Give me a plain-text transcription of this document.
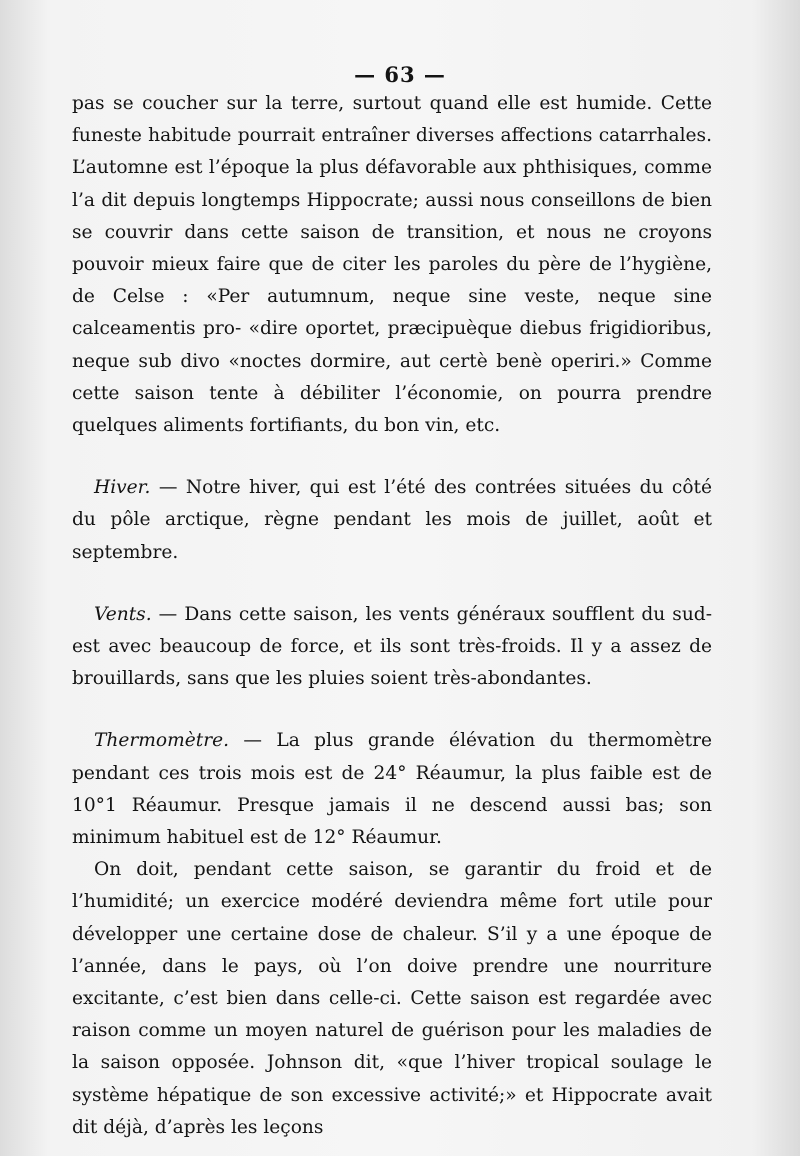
— 63 —

pas se coucher sur la terre, surtout quand elle est humide. Cette funeste habitude pourrait entraîner diverses affections catarrhales. L’automne est l’époque la plus défavorable aux phthisiques, comme l’a dit depuis longtemps Hippocrate; aussi nous conseillons de bien se couvrir dans cette saison de transition, et nous ne croyons pouvoir mieux faire que de citer les paroles du père de l’hygiène, de Celse : «Per autumnum, neque sine veste, neque sine calceamentis pro- «dire oportet, præcipuèque diebus frigidioribus, neque sub divo «noctes dormire, aut certè benè operiri.» Comme cette saison tente à débiliter l’économie, on pourra prendre quelques aliments fortifiants, du bon vin, etc.

Hiver. — Notre hiver, qui est l’été des contrées situées du côté du pôle arctique, règne pendant les mois de juillet, août et septembre.

Vents. — Dans cette saison, les vents généraux soufflent du sud-est avec beaucoup de force, et ils sont très-froids. Il y a assez de brouillards, sans que les pluies soient très-abondantes.

Thermomètre. — La plus grande élévation du thermomètre pendant ces trois mois est de 24° Réaumur, la plus faible est de 10°1 Réaumur. Presque jamais il ne descend aussi bas; son minimum habituel est de 12° Réaumur.

On doit, pendant cette saison, se garantir du froid et de l’humidité; un exercice modéré deviendra même fort utile pour développer une certaine dose de chaleur. S’il y a une époque de l’année, dans le pays, où l’on doive prendre une nourriture excitante, c’est bien dans celle-ci. Cette saison est regardée avec raison comme un moyen naturel de guérison pour les maladies de la saison opposée. Johnson dit, «que l’hiver tropical soulage le système hépatique de son excessive activité;» et Hippocrate avait dit déjà, d’après les leçons
